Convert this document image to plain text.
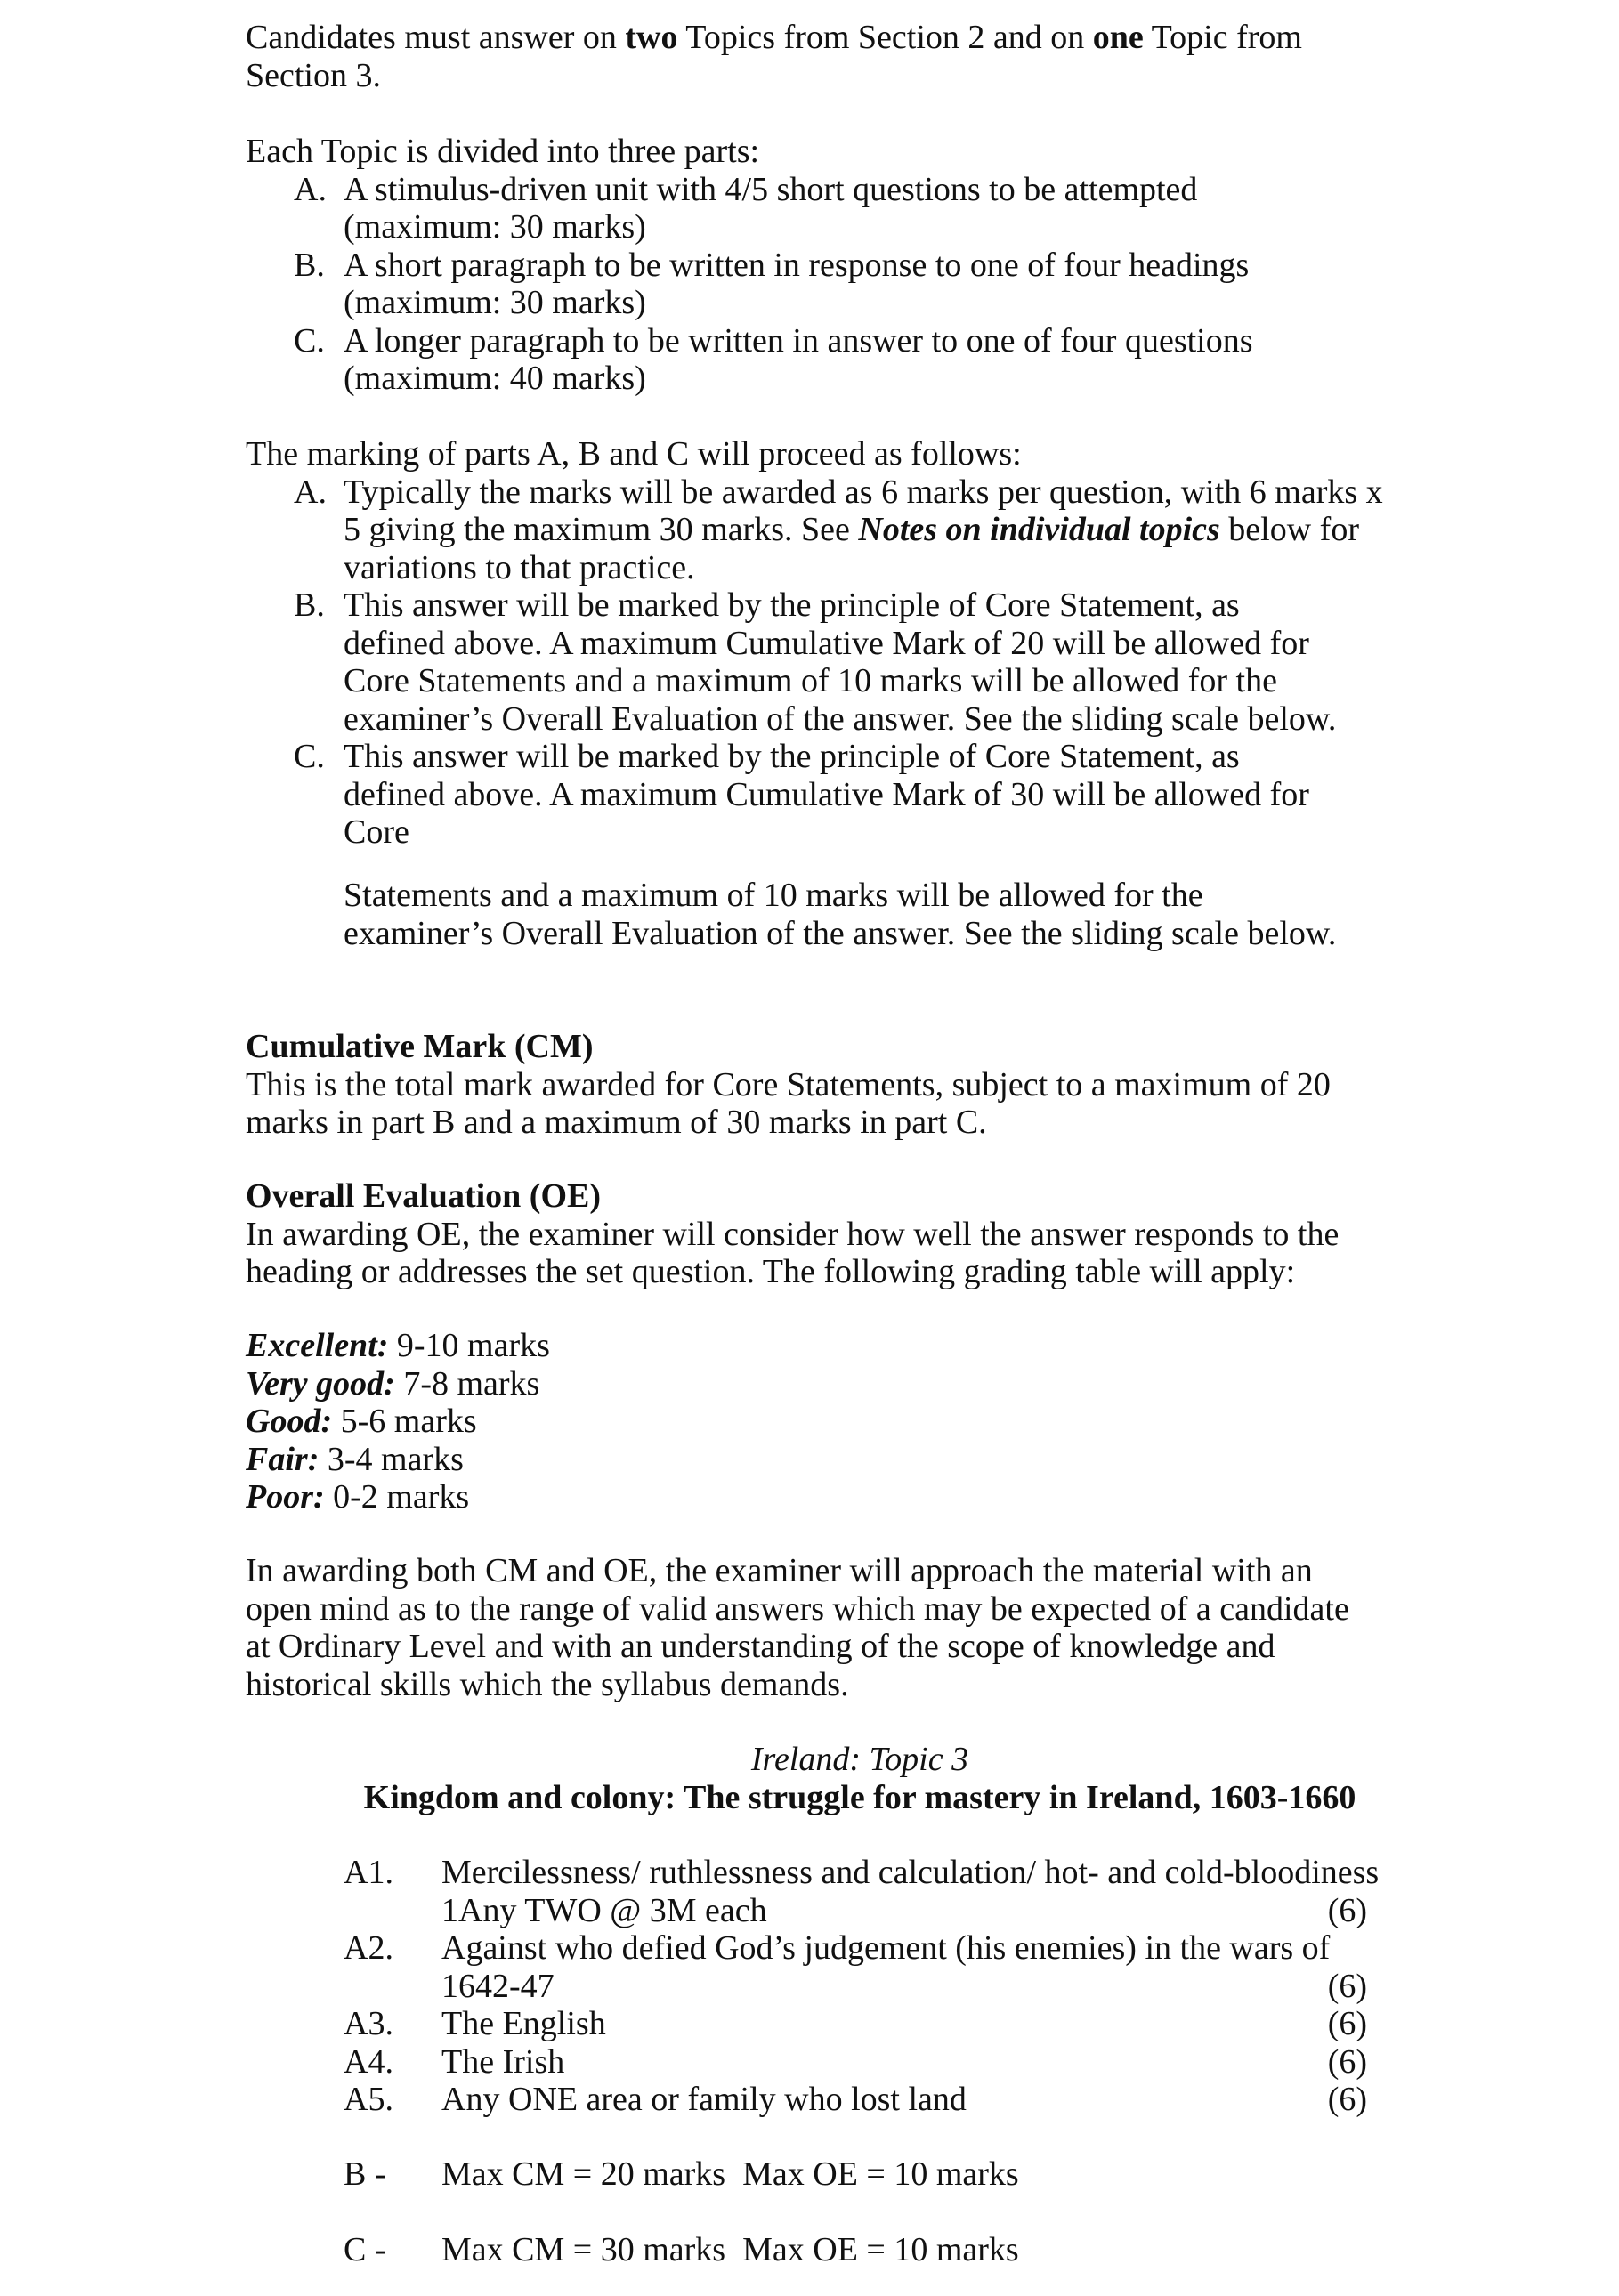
Candidates must answer on two Topics from Section 2 and on one Topic from Section 3.

Each Topic is divided into three parts:

A. A stimulus-driven unit with 4/5 short questions to be attempted
(maximum: 30 marks)
B. A short paragraph to be written in response to one of four headings
(maximum: 30 marks)
C. A longer paragraph to be written in answer to one of four questions
(maximum: 40 marks)

The marking of parts A, B and C will proceed as follows:

A. Typically the marks will be awarded as 6 marks per question, with 6 marks x 5 giving the maximum 30 marks. See Notes on individual topics below for variations to that practice.
B. This answer will be marked by the principle of Core Statement, as defined above. A maximum Cumulative Mark of 20 will be allowed for Core Statements and a maximum of 10 marks will be allowed for the examiner’s Overall Evaluation of the answer. See the sliding scale below.
C. This answer will be marked by the principle of Core Statement, as defined above. A maximum Cumulative Mark of 30 will be allowed for Core

Statements and a maximum of 10 marks will be allowed for the examiner’s Overall Evaluation of the answer. See the sliding scale below.

Cumulative Mark (CM)

This is the total mark awarded for Core Statements, subject to a maximum of 20 marks in part B and a maximum of 30 marks in part C.

Overall Evaluation (OE)

In awarding OE, the examiner will consider how well the answer responds to the heading or addresses the set question. The following grading table will apply:

Excellent: 9-10 marks

Very good: 7-8 marks

Good: 5-6 marks

Fair: 3-4 marks

Poor: 0-2 marks

In awarding both CM and OE, the examiner will approach the material with an open mind as to the range of valid answers which may be expected of a candidate at Ordinary Level and with an understanding of the scope of knowledge and historical skills which the syllabus demands.

Ireland: Topic 3

Kingdom and colony: The struggle for mastery in Ireland, 1603-1660

A1. Mercilessness/ ruthlessness and calculation/ hot- and cold-bloodiness
1Any TWO @ 3M each	(6)
A2. Against who defied God’s judgement (his enemies) in the wars of
1642-47	(6)
A3. The English	(6)
A4. The Irish	(6)
A5. Any ONE area or family who lost land	(6)
B - Max CM = 20 marks Max OE = 10 marks
C - Max CM = 30 marks Max OE = 10 marks
